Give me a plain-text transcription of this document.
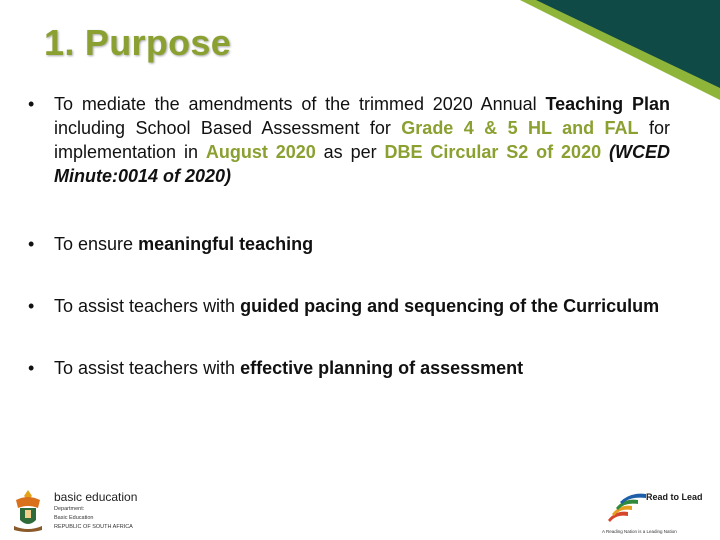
1. Purpose
•	To mediate the amendments of the trimmed 2020 Annual Teaching Plan including School Based Assessment for Grade 4 & 5 HL and FAL for implementation in August 2020 as per DBE Circular S2 of 2020 (WCED Minute:0014 of 2020)
•	To ensure meaningful teaching
•	To assist teachers with guided pacing and sequencing of the Curriculum
•	To assist teachers with effective planning of assessment
basic education
Department:
Basic Education
REPUBLIC OF SOUTH AFRICA
Read to Lead
A Reading Nation is a Leading Nation
